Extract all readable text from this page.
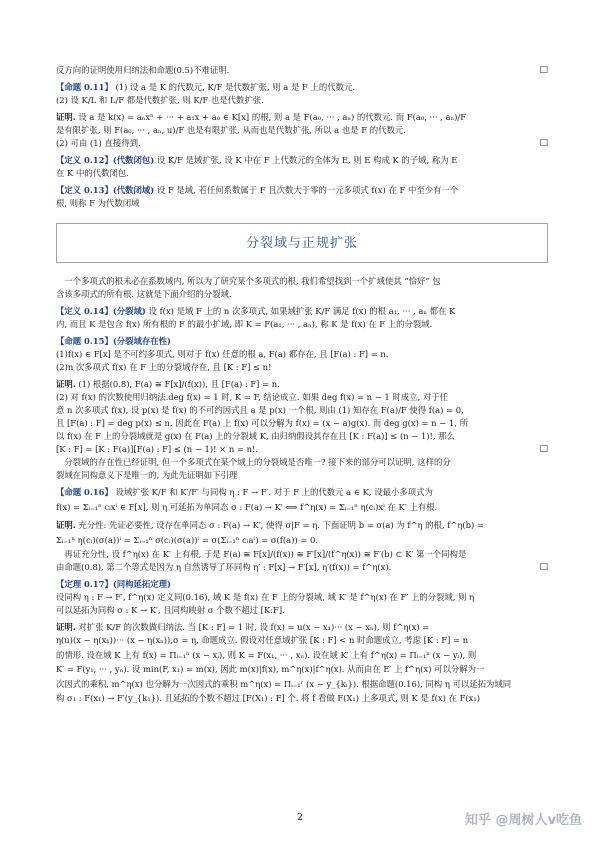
反方向的证明使用归纳法和命题(0.5)不难证明.	□

【命题 0.11】 (1) 设 a 是 K 的代数元, K/F 是代数扩张, 则 a 是 F 上的代数元.

(2) 设 K/L 和 L/F 都是代数扩张, 则 K/F 也是代数扩张.

证明. 设 a 是 k(x) = aₙxⁿ + ··· + a₁x + a₀ ∈ K[x] 的根, 则 a 是 F(a₀, ··· , aₙ) 的代数元. 而 F(a₀, ··· , aₙ)/F

是有限扩张, 则 F(a₀, ··· , aₙ, u)/F 也是有限扩张, 从而也是代数扩张, 所以 a 也是 F 的代数元.

(2) 可由 (1) 直接得到.	□

【定义 0.12】(代数闭包) 设 K/F 是域扩张, 设 K 中在 F 上代数元的全体为 E, 则 E 构成 K 的子域, 称为 E

在 K 中的代数闭包.

【定义 0.13】(代数闭域) 设 F 是域, 若任何系数属于 F 且次数大于零的一元多项式 f(x) 在 F 中至少有一个

根, 则称 F 为代数闭域

分裂域与正规扩张

一个多项式的根未必在系数域内, 所以为了研究某个多项式的根, 我们希望找到一个扩域使其 “恰好” 包

含该多项式的所有根. 这就是下面介绍的分裂域.

【定义 0.14】(分裂域) 设 f(x) 是域 F 上的 n 次多项式, 如果域扩张 K/F 满足 f(x) 的根 a₁, ··· , aₙ 都在 K

内, 而且 K 是包含 f(x) 所有根的 F 的最小扩域, 即 K = F(a₁, ··· , aₙ), 称 K 是 f(x) 在 F 上的分裂域.

【命题 0.15】(分裂域存在性)

(1)f(x) ∈ F[x] 是不可约多项式, 则对于 f(x) 任意的根 a, F(a) 都存在, 且 [F(a) : F] = n.

(2)n 次多项式 f(x) 在 F 上的分裂域存在, 且 [K : F] ≤ n!

证明. (1) 根据(0.8), F(a) ≅ F[x]/(f(x)), 且 [F(a) : F] = n.

(2) 对 f(x) 的次数使用归纳法.deg f(x) = 1 时, K = F, 结论成立. 如果 deg f(x) = n − 1 时成立, 对于任

意 n 次多项式 f(x), 设 p(x) 是 f(x) 的不可约因式且 a 是 p(x) 一个根, 则由 (1) 知存在 F(a)/F 使得 f(a) = 0,

且 [F(a) : F] = deg p(x) ≤ n. 因此在 F(a) 上 f(x) 可以分解为 f(x) = (x − a)g(x). 而 deg g(x) = n − 1, 所

以 f(x) 在 F 上的分裂域就是 g(x) 在 F(a) 上的分裂域 K, 由归纳假设其存在且 [K : F(a)] ≤ (n − 1)!, 那么

[K : F] = [K : F(a)][F(a) : F] ≤ (n − 1)! × n = n!.	□

分裂域的存在性已经证明, 但一个多项式在某个域上的分裂域是否唯一? 接下来的部分可以证明, 这样的分

裂域在同构意义下是唯一的, 为此先证明如下引理

【命题 0.16】 设域扩张 K/F 和 K′/F′ 与同构 η : F → F′. 对于 F 上的代数元 a ∈ K, 设最小多项式为

f(x) = Σᵢ₌₁ⁿ cᵢxⁱ ∈ F[x], 则 η 可延拓为单同态 σ : F(a) → K′ ⟺ f^η(x) = Σᵢ₌₁ⁿ η(cᵢ)xⁱ 在 K′ 上有根.

证明. 充分性: 先证必要性, 设存在单同态 σ : F(a) → K′, 使得 σ|F = η. 下面证明 b = σ(a) 为 f^η 的根, f^η(b) =

Σᵢ₌₁ⁿ η(cᵢ)(σ(a))ⁱ = Σᵢ₌₁ⁿ σ(cᵢ)(σ(a))ⁱ = σ(Σᵢ₌₁ⁿ cᵢaⁱ) = σ(f(a)) = 0.

再证充分性, 设 f^η(x) 在 K′ 上有根, 于是 F(a) ≅ F[x]/(f(x)) ≅ F′[x]/(f^η(x)) ≅ F′(b) ⊂ K′ 第一个同构是

由命题(0.8), 第二个等式是因为 η 自然诱导了环同构 η′ : F[x] → F′[x], η′(f(x)) = f^η(x).	□

【定理 0.17】(同构延拓定理)

设同构 η : F → F′, f^η(x) 定义同(0.16), 域 K 是 f(x) 在 F 上的分裂域, 域 K′ 是 f^η(x) 在 F′ 上的分裂域, 则 η

可以延拓为同构 σ : K → K′, 且同构映射 σ 个数不超过 [K:F].

证明. 对扩张 K/F 的次数做归纳法. 当 [K : F] = 1 时, 设 f(x) = u(x − x₁)··· (x − xₙ), 则 f^η(x) =

η(u)(x − η(x₁))··· (x − η(xₙ)),σ = η, 命题成立. 假设对任意域扩张 [K : F] < n 时命题成立, 考虑 [K : F] = n

的情形. 设在域 K 上有 f(x) = Πᵢ₌₁ⁿ (x − xᵢ), 则 K = F(x₁, ··· , xₙ). 设在域 K′ 上有 f^η(x) = Πᵢ₌₁ⁿ (x − yᵢ), 则

K′ = F(y₁, ··· , yₙ). 设 min(F, x₁) = m(x), 因此 m(x)|f(x), m^η(x)|f^η(x). 从而由在 E′ 上 f^η(x) 可以分解为一

次因式的乘积, m^η(x) 也分解为一次因式的乘积 m^η(x) = Πᵢ₌₁ʳ (x − y_{kᵢ}). 根据命题(0.16), 同构 η 可以延拓为域同

构 σ₁ : F(x₁) → F′(y_{k₁}). 且延拓的个数不超过 [F(X₁) : F] 个. 将 f 看做 F(X₁) 上多项式, 则 K 是 f(x) 在 F(x₁)

2	知乎 @周树人v吃鱼
